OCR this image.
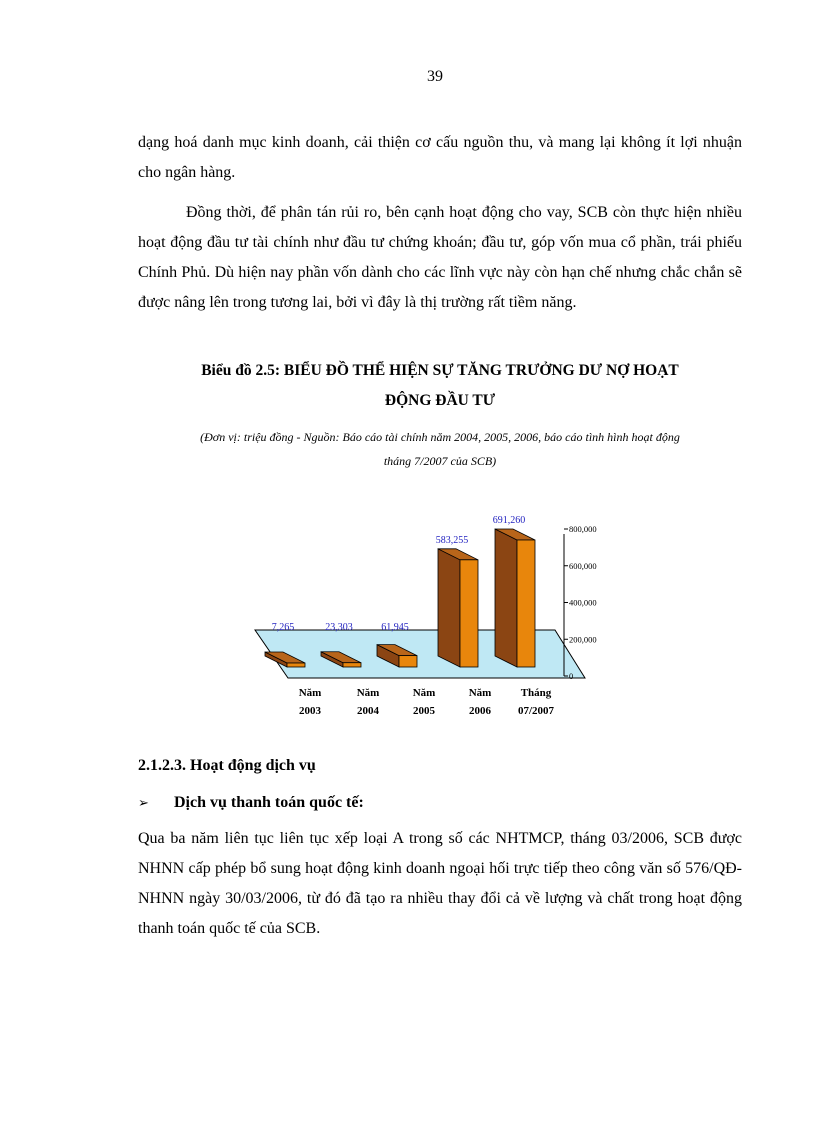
39

dạng hoá danh mục kinh doanh, cải thiện cơ cấu nguồn thu, và mang lại không ít lợi nhuận cho ngân hàng.

Đồng thời, để phân tán rủi ro, bên cạnh hoạt động cho vay, SCB còn thực hiện nhiều hoạt động đầu tư tài chính như đầu tư chứng khoán; đầu tư, góp vốn mua cổ phần, trái phiếu Chính Phủ. Dù hiện nay phần vốn dành cho các lĩnh vực này còn hạn chế nhưng chắc chắn sẽ được nâng lên trong tương lai, bởi vì đây là thị trường rất tiềm năng.

Biểu đồ 2.5: BIỂU ĐỒ THỂ HIỆN SỰ TĂNG TRƯỞNG DƯ NỢ HOẠT
ĐỘNG ĐẦU TƯ

(Đơn vị: triệu đồng - Nguồn: Báo cáo tài chính năm 2004, 2005, 2006, báo cáo tình hình hoạt động
tháng 7/2007 của SCB)

0
200,000
400,000
600,000
800,000
7,265	23,303	61,945
583,255
691,260
Năm
2003
Năm
2004
Năm
2005
Năm
2006
Tháng
07/2007
2.1.2.3. Hoạt động dịch vụ
➢ Dịch vụ thanh toán quốc tế:

Qua ba năm liên tục liên tục xếp loại A trong số các NHTMCP, tháng 03/2006, SCB được NHNN cấp phép bổ sung hoạt động kinh doanh ngoại hối trực tiếp theo công văn số 576/QĐ-NHNN ngày 30/03/2006, từ đó đã tạo ra nhiều thay đổi cả về lượng và chất trong hoạt động thanh toán quốc tế của SCB.
